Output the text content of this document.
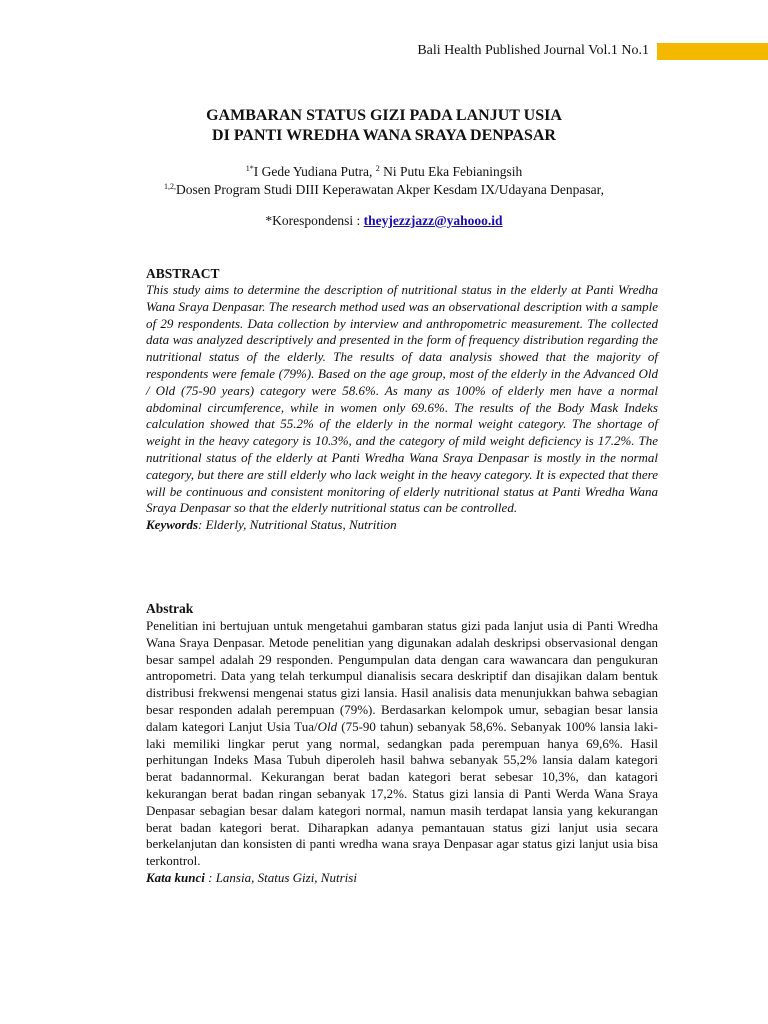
Bali Health Published Journal Vol.1 No.1
GAMBARAN STATUS GIZI PADA LANJUT USIA
DI PANTI WREDHA WANA SRAYA DENPASAR
$^{1*}$I Gede Yudiana Putra, $^2$ Ni Putu Eka Febianingsih
$^{1,2,}$Dosen Program Studi DIII Keperawatan Akper Kesdam IX/Udayana Denpasar,
*Korespondensi : theyjezzjazz@yahooo.id

ABSTRACT

This study aims to determine the description of nutritional status in the elderly at Panti Wredha Wana Sraya Denpasar. The research method used was an observational description with a sample of 29 respondents. Data collection by interview and anthropometric measurement. The collected data was analyzed descriptively and presented in the form of frequency distribution regarding the nutritional status of the elderly. The results of data analysis showed that the majority of respondents were female (79%). Based on the age group, most of the elderly in the Advanced Old / Old (75-90 years) category were 58.6%. As many as 100% of elderly men have a normal abdominal circumference, while in women only 69.6%. The results of the Body Mask Indeks calculation showed that 55.2% of the elderly in the normal weight category. The shortage of weight in the heavy category is 10.3%, and the category of mild weight deficiency is 17.2%. The nutritional status of the elderly at Panti Wredha Wana Sraya Denpasar is mostly in the normal category, but there are still elderly who lack weight in the heavy category. It is expected that there will be continuous and consistent monitoring of elderly nutritional status at Panti Wredha Wana Sraya Denpasar so that the elderly nutritional status can be controlled.

Keywords: Elderly, Nutritional Status, Nutrition

Abstrak

Penelitian ini bertujuan untuk mengetahui gambaran status gizi pada lanjut usia di Panti Wredha Wana Sraya Denpasar. Metode penelitian yang digunakan adalah deskripsi observasional dengan besar sampel adalah 29 responden. Pengumpulan data dengan cara wawancara dan pengukuran antropometri. Data yang telah terkumpul dianalisis secara deskriptif dan disajikan dalam bentuk distribusi frekwensi mengenai status gizi lansia. Hasil analisis data menunjukkan bahwa sebagian besar responden adalah perempuan (79%). Berdasarkan kelompok umur, sebagian besar lansia dalam kategori Lanjut Usia Tua/Old (75-90 tahun) sebanyak 58,6%. Sebanyak 100% lansia laki-laki memiliki lingkar perut yang normal, sedangkan pada perempuan hanya 69,6%. Hasil perhitungan Indeks Masa Tubuh diperoleh hasil bahwa sebanyak 55,2% lansia dalam kategori berat badannormal. Kekurangan berat badan kategori berat sebesar 10,3%, dan katagori kekurangan berat badan ringan sebanyak 17,2%. Status gizi lansia di Panti Werda Wana Sraya Denpasar sebagian besar dalam kategori normal, namun masih terdapat lansia yang kekurangan berat badan kategori berat. Diharapkan adanya pemantauan status gizi lanjut usia secara berkelanjutan dan konsisten di panti wredha wana sraya Denpasar agar status gizi lanjut usia bisa terkontrol.

Kata kunci : Lansia, Status Gizi, Nutrisi
